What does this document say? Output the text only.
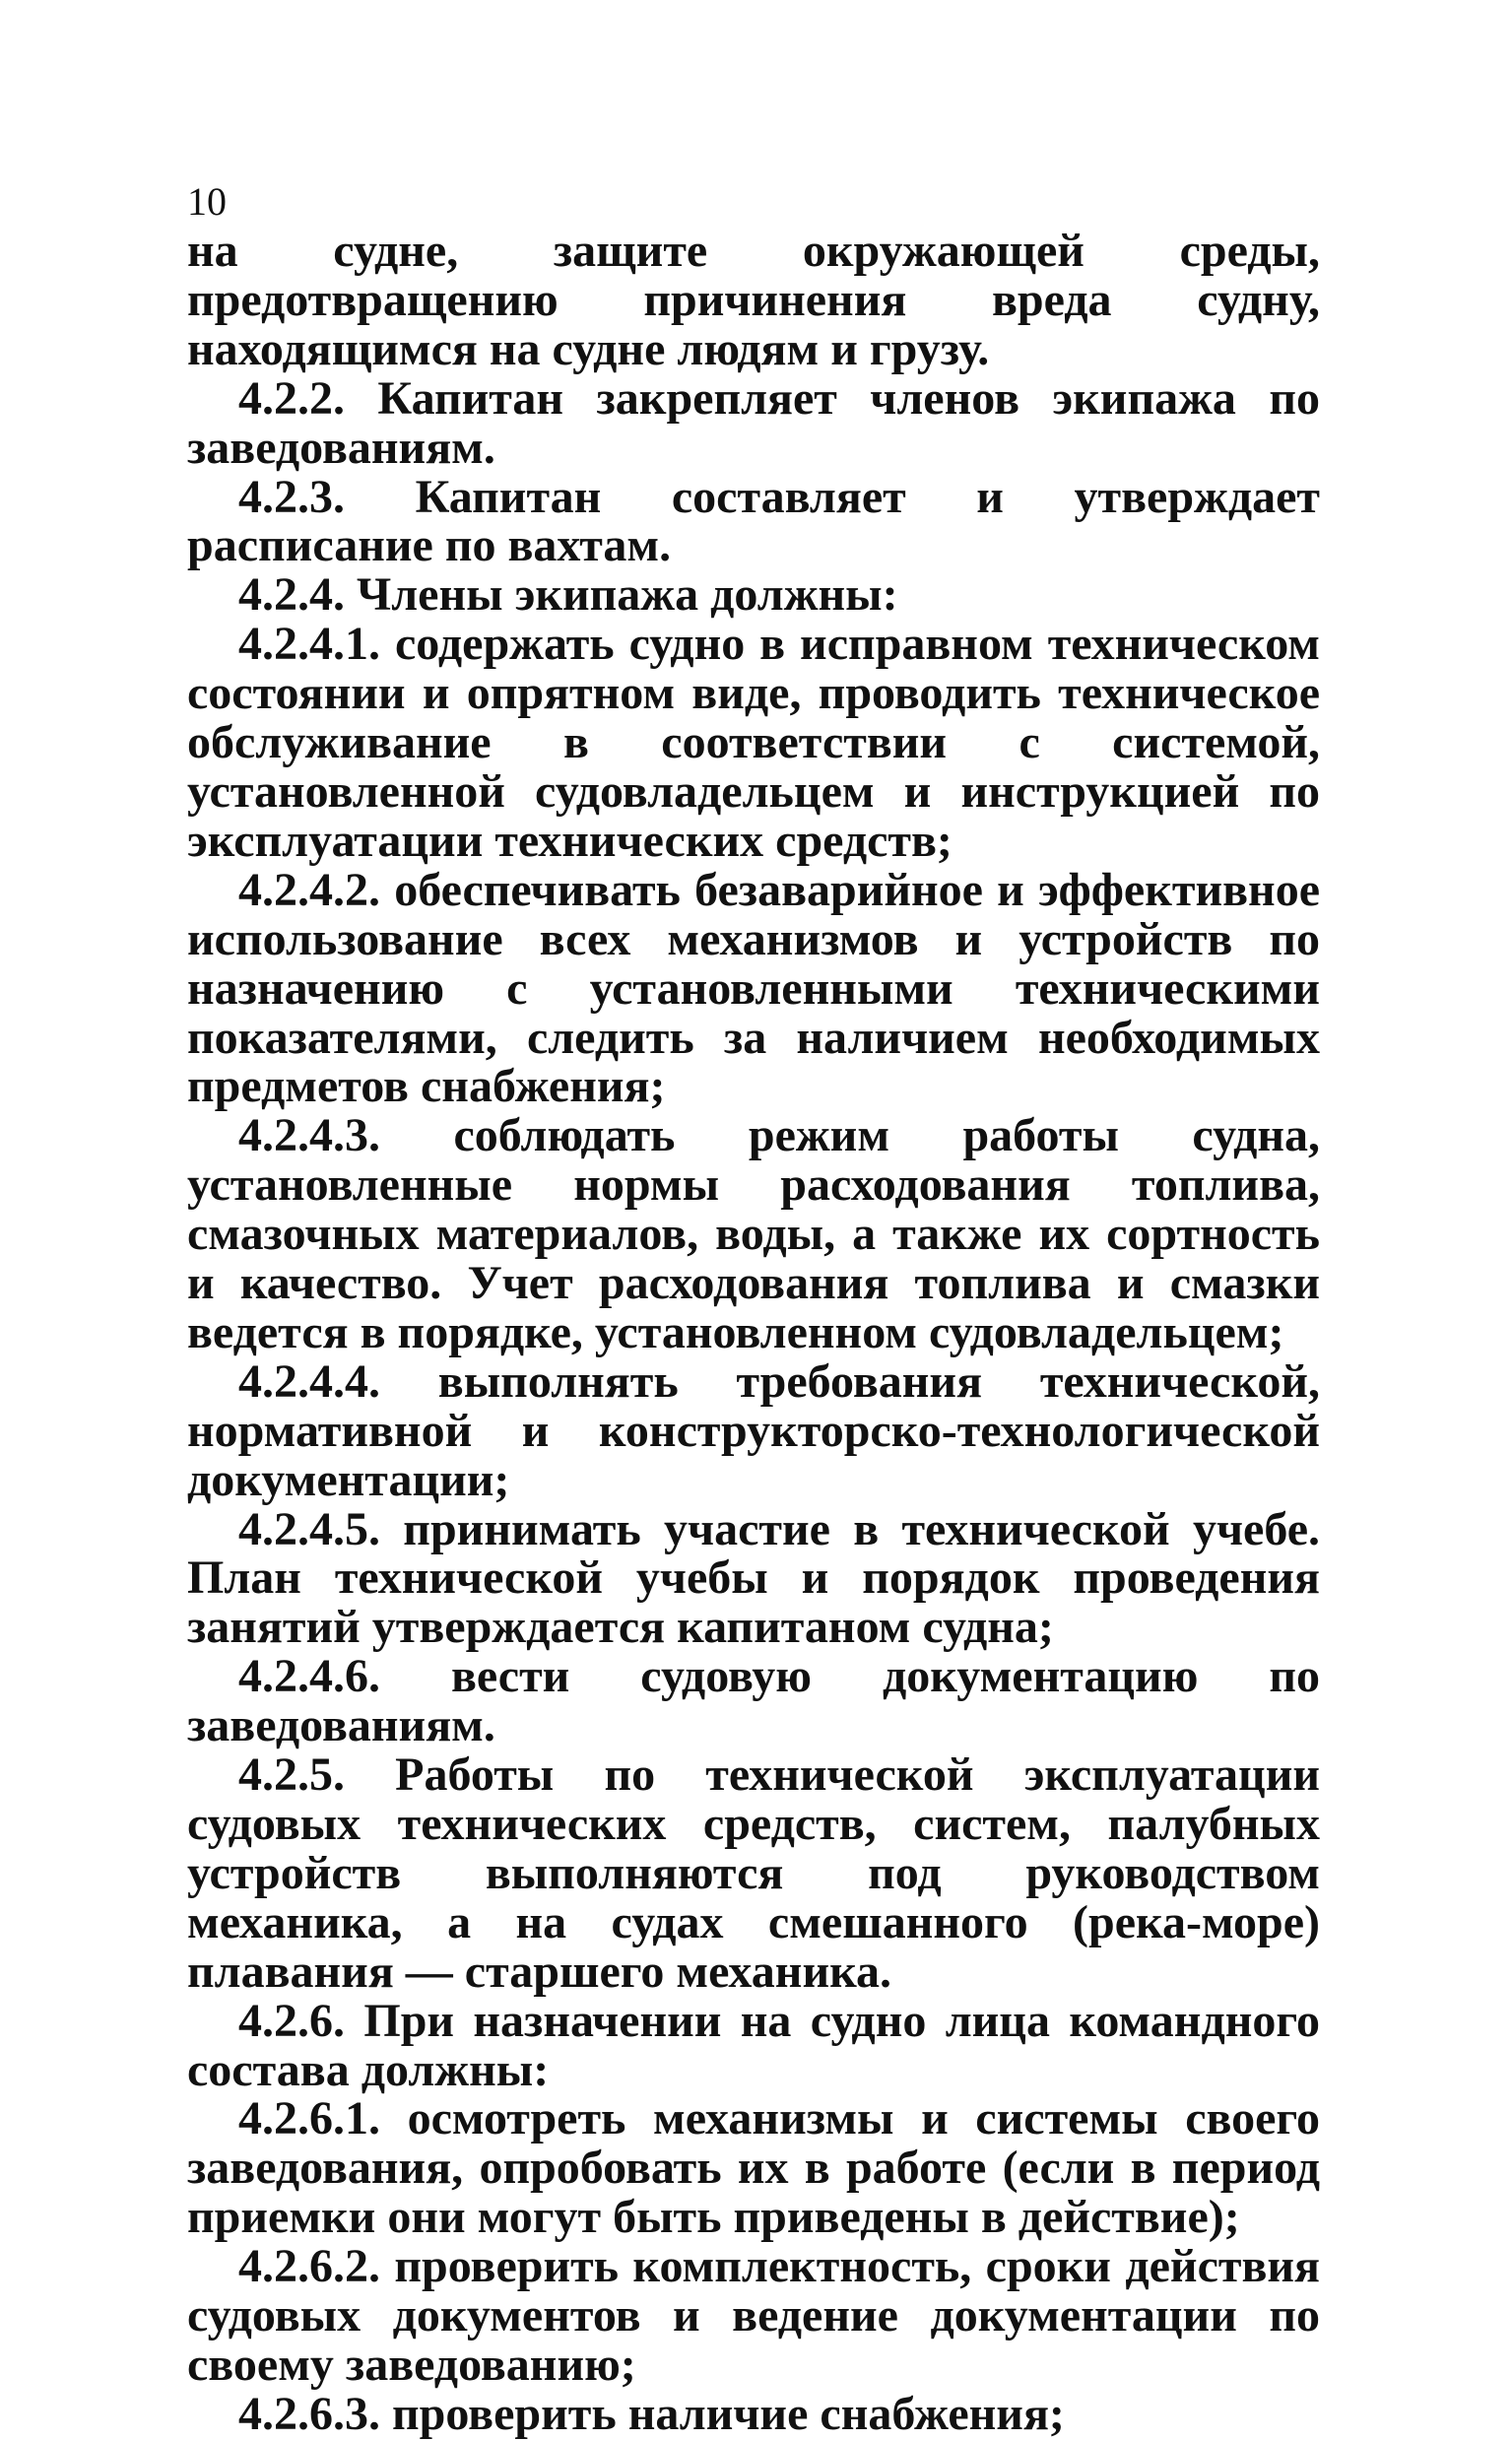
10

на судне, защите окружающей среды, предотвращению причинения вреда судну, находящимся на судне людям и грузу.

4.2.2. Капитан закрепляет членов экипажа по заведованиям.

4.2.3. Капитан составляет и утверждает расписание по вахтам.

4.2.4. Члены экипажа должны:

4.2.4.1. содержать судно в исправном техническом состоянии и опрятном виде, проводить техническое обслуживание в соответствии с системой, установленной судовладельцем и инструкцией по эксплуатации технических средств;

4.2.4.2. обеспечивать безаварийное и эффективное использование всех механизмов и устройств по назначению с установленными техническими показателями, следить за наличием необходимых предметов снабжения;

4.2.4.3. соблюдать режим работы судна, установленные нормы расходования топлива, смазочных материалов, воды, а также их сортность и качество. Учет расходования топлива и смазки ведется в порядке, установленном судовладельцем;

4.2.4.4. выполнять требования технической, нормативной и конструкторско-технологической документации;

4.2.4.5. принимать участие в технической учебе. План технической учебы и порядок проведения занятий утверждается капитаном судна;

4.2.4.6. вести судовую документацию по заведованиям.

4.2.5. Работы по технической эксплуатации судовых технических средств, систем, палубных устройств выполняются под руководством механика, а на судах смешанного (река-море) плавания — старшего механика.

4.2.6. При назначении на судно лица командного состава должны:

4.2.6.1. осмотреть механизмы и системы своего заведования, опробовать их в работе (если в период приемки они могут быть приведены в действие);

4.2.6.2. проверить комплектность, сроки действия судовых документов и ведение документации по своему заведованию;

4.2.6.3. проверить наличие снабжения;
